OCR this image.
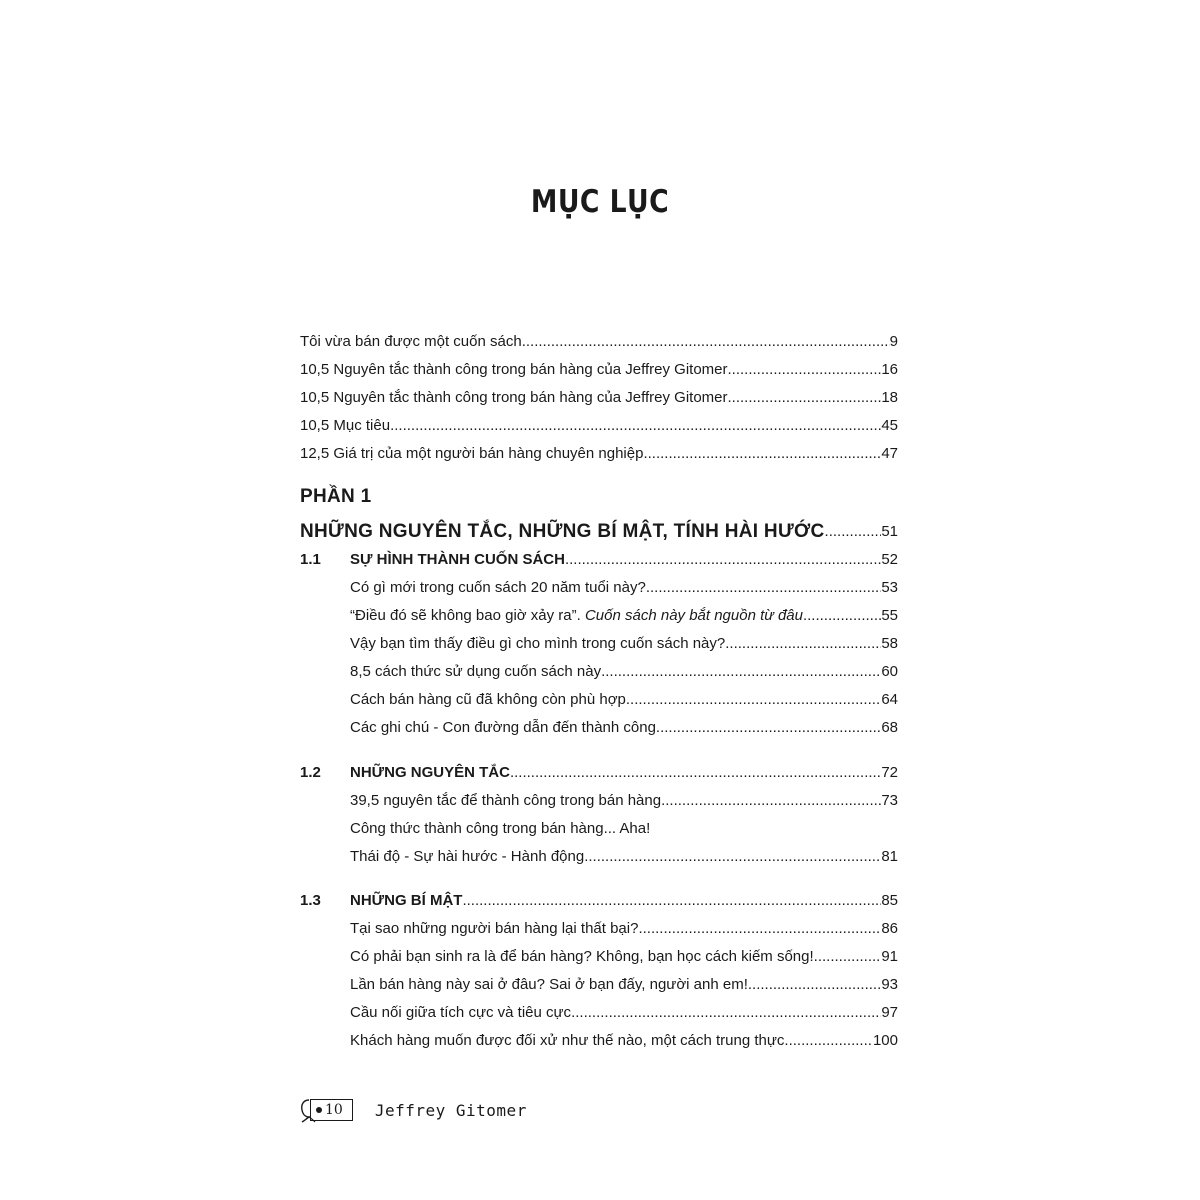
MỤC LỤC
Tôi vừa bán được một cuốn sách .....	9
10,5 Nguyên tắc thành công trong bán hàng của Jeffrey Gitomer .....	16
10,5 Nguyên tắc thành công trong bán hàng của Jeffrey Gitomer .....	18
10,5 Mục tiêu .....	45
12,5 Giá trị của một người bán hàng chuyên nghiệp .....	47
PHẦN 1
NHỮNG NGUYÊN TẮC, NHỮNG BÍ MẬT, TÍNH HÀI HƯỚC .....	51
1.1	SỰ HÌNH THÀNH CUỐN SÁCH .....	52
Có gì mới trong cuốn sách 20 năm tuổi này? .....	53
“Điều đó sẽ không bao giờ xảy ra”. Cuốn sách này bắt nguồn từ đâu .....	55
Vậy bạn tìm thấy điều gì cho mình trong cuốn sách này? .....	58
8,5 cách thức sử dụng cuốn sách này .....	60
Cách bán hàng cũ đã không còn phù hợp .....	64
Các ghi chú - Con đường dẫn đến thành công .....	68
1.2	NHỮNG NGUYÊN TẮC .....	72
39,5 nguyên tắc để thành công trong bán hàng .....	73
Công thức thành công trong bán hàng... Aha!
Thái độ - Sự hài hước - Hành động .....	81
1.3	NHỮNG BÍ MẬT .....	85
Tại sao những người bán hàng lại thất bại? .....	86
Có phải bạn sinh ra là để bán hàng? Không, bạn học cách kiếm sống! .....	91
Lần bán hàng này sai ở đâu? Sai ở bạn đấy, người anh em! .....	93
Cầu nối giữa tích cực và tiêu cực .....	97
Khách hàng muốn được đối xử như thế nào, một cách trung thực .....	100
10 Jeffrey Gitomer
